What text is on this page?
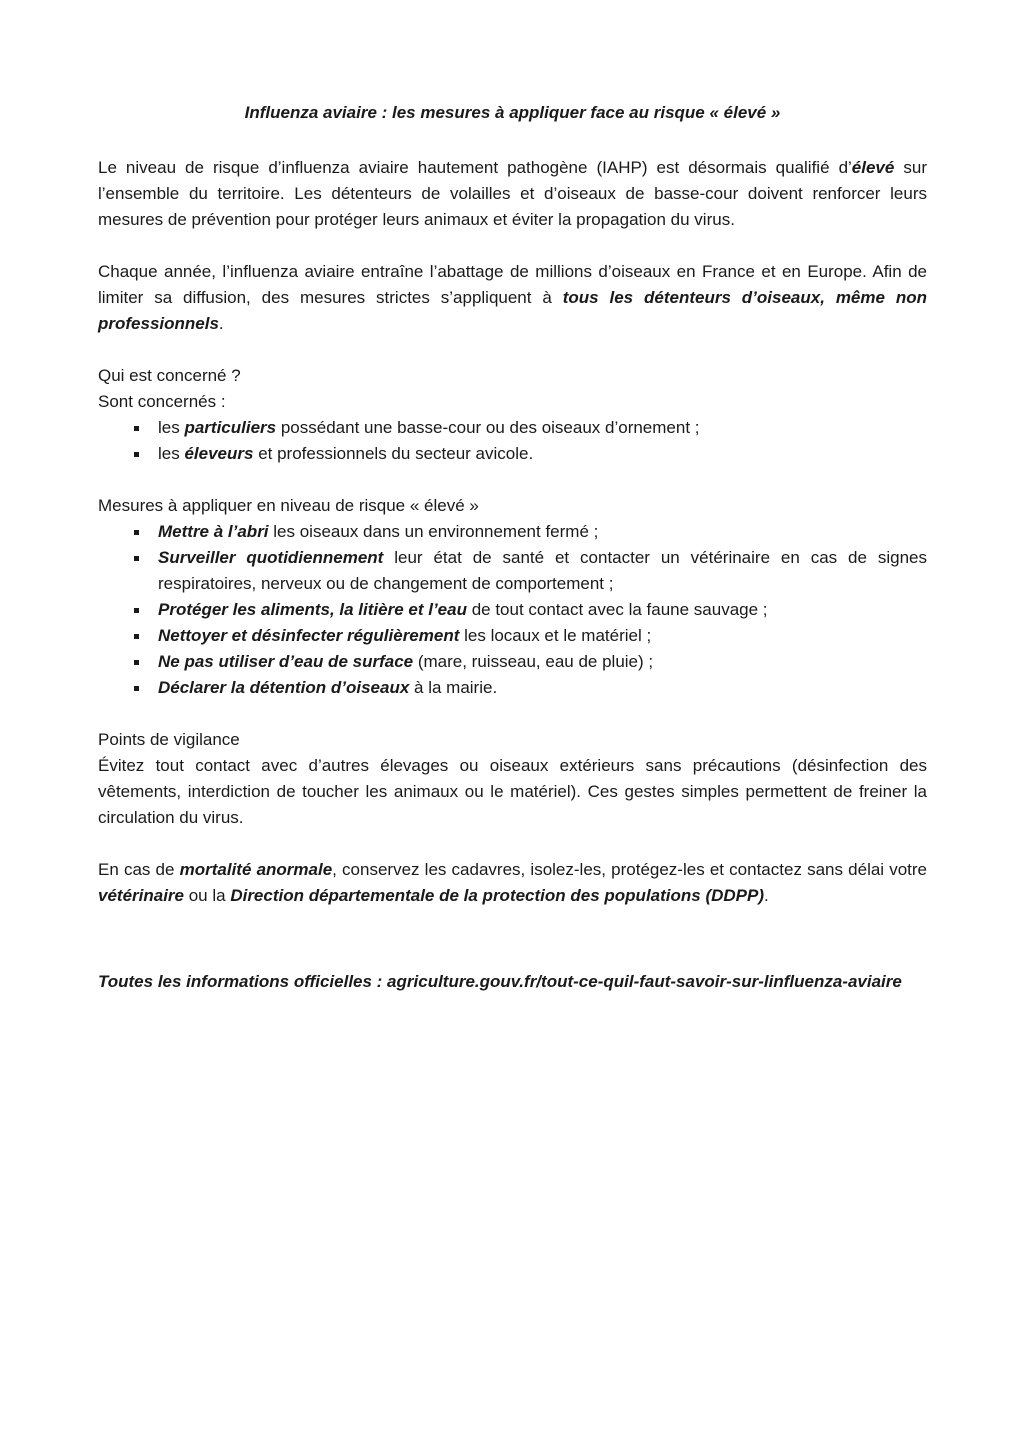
Influenza aviaire : les mesures à appliquer face au risque « élevé »

Le niveau de risque d’influenza aviaire hautement pathogène (IAHP) est désormais qualifié d’élevé sur l’ensemble du territoire. Les détenteurs de volailles et d’oiseaux de basse-cour doivent renforcer leurs mesures de prévention pour protéger leurs animaux et éviter la propagation du virus.

Chaque année, l’influenza aviaire entraîne l’abattage de millions d’oiseaux en France et en Europe. Afin de limiter sa diffusion, des mesures strictes s’appliquent à tous les détenteurs d’oiseaux, même non professionnels.

Qui est concerné ?

Sont concernés :

les particuliers possédant une basse-cour ou des oiseaux d’ornement ;
les éleveurs et professionnels du secteur avicole.

Mesures à appliquer en niveau de risque « élevé »

Mettre à l’abri les oiseaux dans un environnement fermé ;
Surveiller quotidiennement leur état de santé et contacter un vétérinaire en cas de signes respiratoires, nerveux ou de changement de comportement ;
Protéger les aliments, la litière et l’eau de tout contact avec la faune sauvage ;
Nettoyer et désinfecter régulièrement les locaux et le matériel ;
Ne pas utiliser d’eau de surface (mare, ruisseau, eau de pluie) ;
Déclarer la détention d’oiseaux à la mairie.

Points de vigilance

Évitez tout contact avec d’autres élevages ou oiseaux extérieurs sans précautions (désinfection des vêtements, interdiction de toucher les animaux ou le matériel). Ces gestes simples permettent de freiner la circulation du virus.

En cas de mortalité anormale, conservez les cadavres, isolez-les, protégez-les et contactez sans délai votre vétérinaire ou la Direction départementale de la protection des populations (DDPP).

Toutes les informations officielles : agriculture.gouv.fr/tout-ce-quil-faut-savoir-sur-linfluenza-aviaire
